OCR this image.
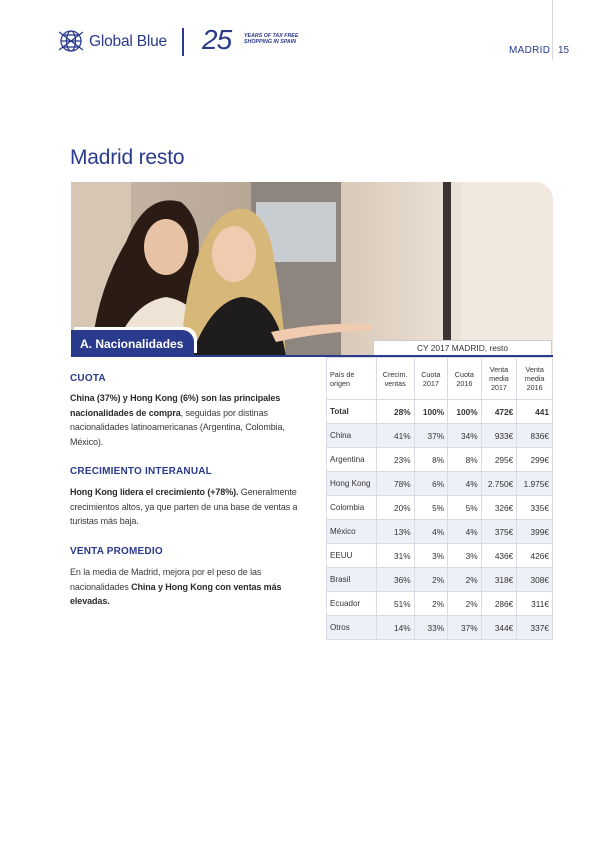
Global Blue 25 YEARS OF TAX FREE SHOPPING IN SPAIN
MADRID 15
Madrid resto
A. Nacionalidades
CUOTA
China (37%) y Hong Kong (6%) son las principales nacionalidades de compra, seguidas por distinas nacionalidades latinoamericanas (Argentina, Colombia, México).
CRECIMIENTO INTERANUAL
Hong Kong lidera el crecimiento (+78%). Generalmente crecimientos altos, ya que parten de una base de ventas a turistas más baja.
VENTA PROMEDIO
En la media de Madrid, mejora por el peso de las nacionalidades China y Hong Kong con ventas más elevadas.
CY 2017 MADRID, resto
País de origen	Crecim. ventas	Cuota 2017	Cuota 2016	Venta media 2017	Venta media 2016
Total	28%	100%	100%	472€	441
China	41%	37%	34%	933€	836€
Argentina	23%	8%	8%	295€	299€
Hong Kong	78%	6%	4%	2.750€	1.975€
Colombia	20%	5%	5%	326€	335€
México	13%	4%	4%	375€	399€
EEUU	31%	3%	3%	436€	426€
Brasil	36%	2%	2%	318€	308€
Ecuador	51%	2%	2%	286€	311€
Otros	14%	33%	37%	344€	337€
